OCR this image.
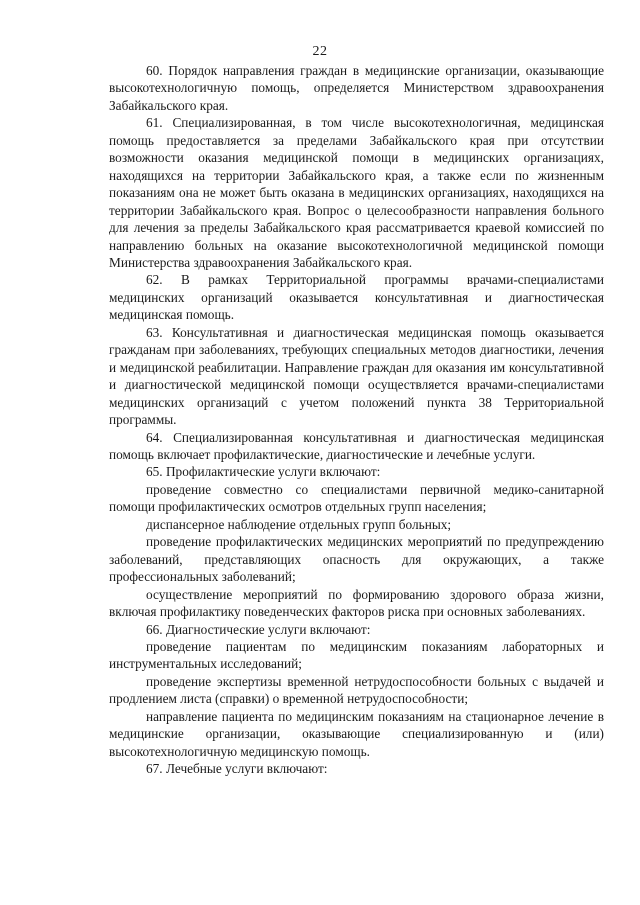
22

60. Порядок направления граждан в медицинские организации, оказывающие высокотехнологичную помощь, определяется Министерством здравоохранения Забайкальского края.

61. Специализированная, в том числе высокотехнологичная, медицинская помощь предоставляется за пределами Забайкальского края при отсутствии возможности оказания медицинской помощи в медицинских организациях, находящихся на территории Забайкальского края, а также если по жизненным показаниям она не может быть оказана в медицинских организациях, находящихся на территории Забайкальского края. Вопрос о целесообразности направления больного для лечения за пределы Забайкальского края рассматривается краевой комиссией по направлению больных на оказание высокотехнологичной медицинской помощи Министерства здравоохранения Забайкальского края.

62. В рамках Территориальной программы врачами-специалистами медицинских организаций оказывается консультативная и диагностическая медицинская помощь.

63. Консультативная и диагностическая медицинская помощь оказывается гражданам при заболеваниях, требующих специальных методов диагностики, лечения и медицинской реабилитации. Направление граждан для оказания им консультативной и диагностической медицинской помощи осуществляется врачами-специалистами медицинских организаций с учетом положений пункта 38 Территориальной программы.

64. Специализированная консультативная и диагностическая медицинская помощь включает профилактические, диагностические и лечебные услуги.

65. Профилактические услуги включают:

проведение совместно со специалистами первичной медико-санитарной помощи профилактических осмотров отдельных групп населения;

диспансерное наблюдение отдельных групп больных;

проведение профилактических медицинских мероприятий по предупреждению заболеваний, представляющих опасность для окружающих, а также профессиональных заболеваний;

осуществление мероприятий по формированию здорового образа жизни, включая профилактику поведенческих факторов риска при основных заболеваниях.

66. Диагностические услуги включают:

проведение пациентам по медицинским показаниям лабораторных и инструментальных исследований;

проведение экспертизы временной нетрудоспособности больных с выдачей и продлением листа (справки) о временной нетрудоспособности;

направление пациента по медицинским показаниям на стационарное лечение в медицинские организации, оказывающие специализированную и (или) высокотехнологичную медицинскую помощь.

67. Лечебные услуги включают:
